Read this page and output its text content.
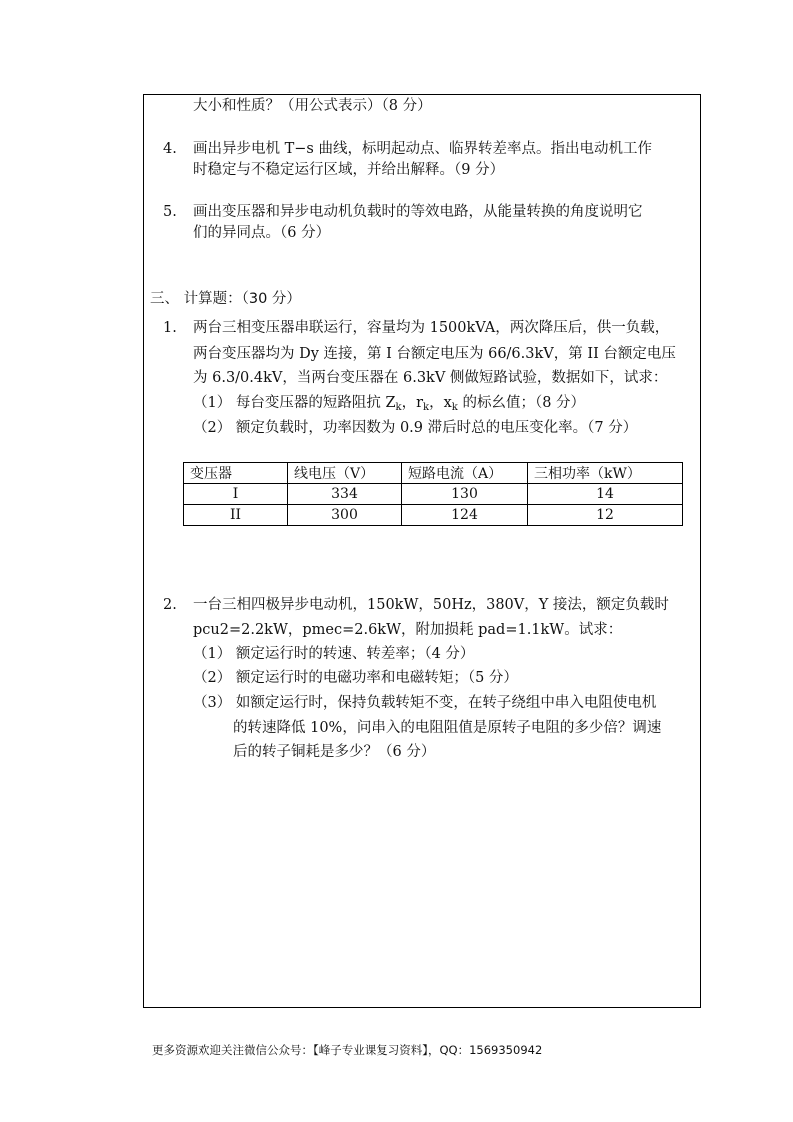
大小和性质？（用公式表示）（8 分）
4. 画出异步电机 T−s 曲线，标明起动点、临界转差率点。指出电动机工作
时稳定与不稳定运行区域，并给出解释。（9 分）
5. 画出变压器和异步电动机负载时的等效电路，从能量转换的角度说明它
们的异同点。（6 分）
三、 计算题：（30 分）
1. 两台三相变压器串联运行，容量均为 1500kVA，两次降压后，供一负载，
两台变压器均为 Dy 连接，第 I 台额定电压为 66/6.3kV，第 II 台额定电压
为 6.3/0.4kV，当两台变压器在 6.3kV 侧做短路试验，数据如下，试求：
（1） 每台变压器的短路阻抗 $Z_k$，$r_k$，$x_k$ 的标幺值；（8 分）
（2） 额定负载时，功率因数为 0.9 滞后时总的电压变化率。（7 分）
变压器	线电压（V）	短路电流（A）	三相功率（kW）
I	334	130	14
II	300	124	12
2. 一台三相四极异步电动机，150kW，50Hz，380V，Y 接法，额定负载时
pcu2=2.2kW，pmec=2.6kW，附加损耗 pad=1.1kW。试求：
（1） 额定运行时的转速、转差率；（4 分）
（2） 额定运行时的电磁功率和电磁转矩；（5 分）
（3） 如额定运行时，保持负载转矩不变，在转子绕组中串入电阻使电机
的转速降低 10%，问串入的电阻阻值是原转子电阻的多少倍？调速
后的转子铜耗是多少？（6 分）
更多资源欢迎关注微信公众号：【峰子专业课复习资料】，QQ：1569350942
